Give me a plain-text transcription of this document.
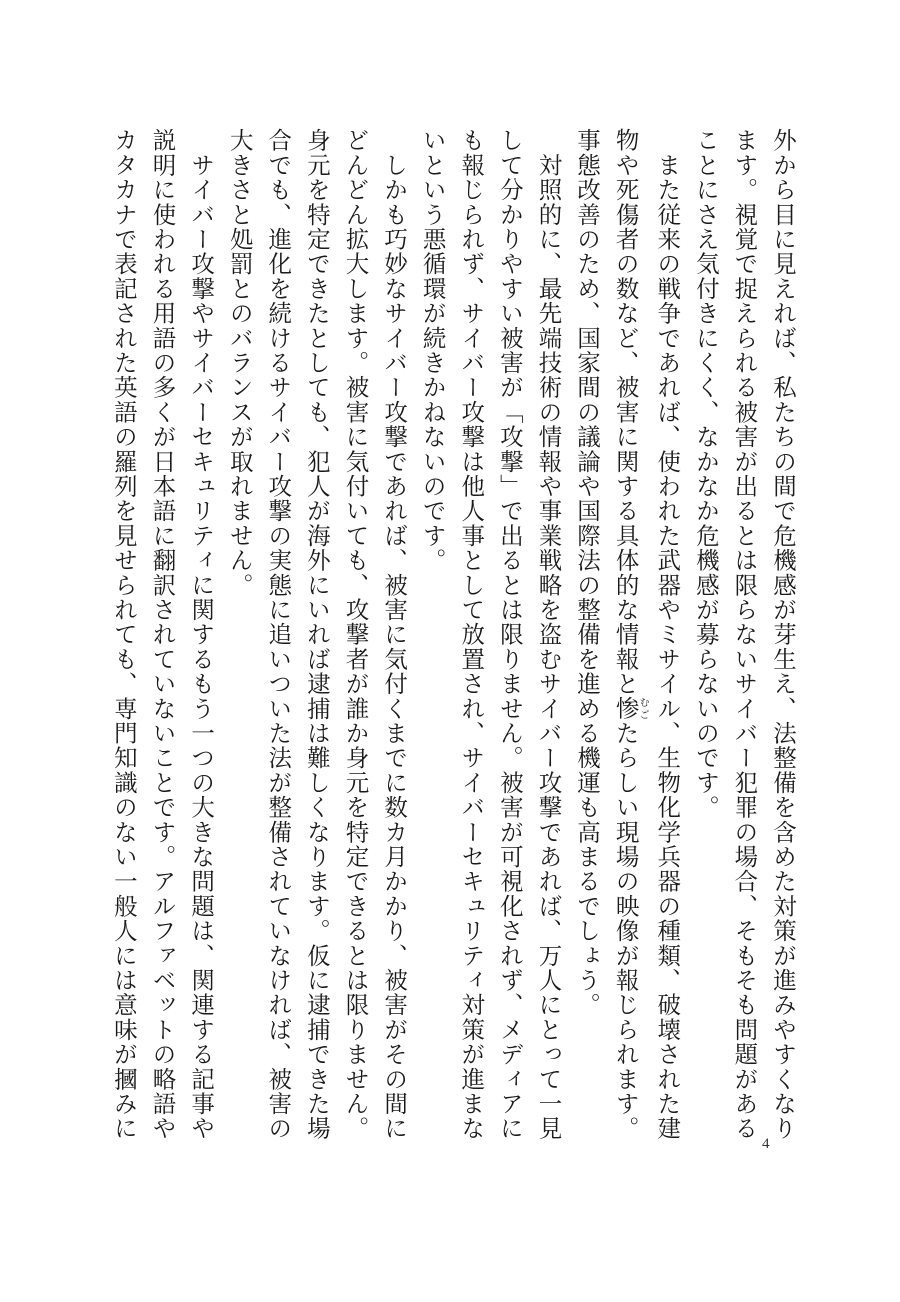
外から目に見えれば、私たちの間で危機感が芽生え、法整備を含めた対策が進みやすくなり
ます。視覚で捉えられる被害が出るとは限らないサイバー犯罪の場合、そもそも問題がある
ことにさえ気付きにくく、なかなか危機感が募らないのです。
　また従来の戦争であれば、使われた武器やミサイル、生物化学兵器の種類、破壊された建
物や死傷者の数など、被害に関する具体的な情報と惨むごたらしい現場の映像が報じられます。
事態改善のため、国家間の議論や国際法の整備を進める機運も高まるでしょう。
　対照的に、最先端技術の情報や事業戦略を盗むサイバー攻撃であれば、万人にとって一見
して分かりやすい被害が「攻撃」で出るとは限りません。被害が可視化されず、メディアに
も報じられず、サイバー攻撃は他人事として放置され、サイバーセキュリティ対策が進まな
いという悪循環が続きかねないのです。
　しかも巧妙なサイバー攻撃であれば、被害に気付くまでに数カ月かかり、被害がその間に
どんどん拡大します。被害に気付いても、攻撃者が誰か身元を特定できるとは限りません。
身元を特定できたとしても、犯人が海外にいれば逮捕は難しくなります。仮に逮捕できた場
合でも、進化を続けるサイバー攻撃の実態に追いついた法が整備されていなければ、被害の
大きさと処罰とのバランスが取れません。
　サイバー攻撃やサイバーセキュリティに関するもう一つの大きな問題は、関連する記事や
説明に使われる用語の多くが日本語に翻訳されていないことです。アルファベットの略語や
カタカナで表記された英語の羅列を見せられても、専門知識のない一般人には意味が摑みに
4
